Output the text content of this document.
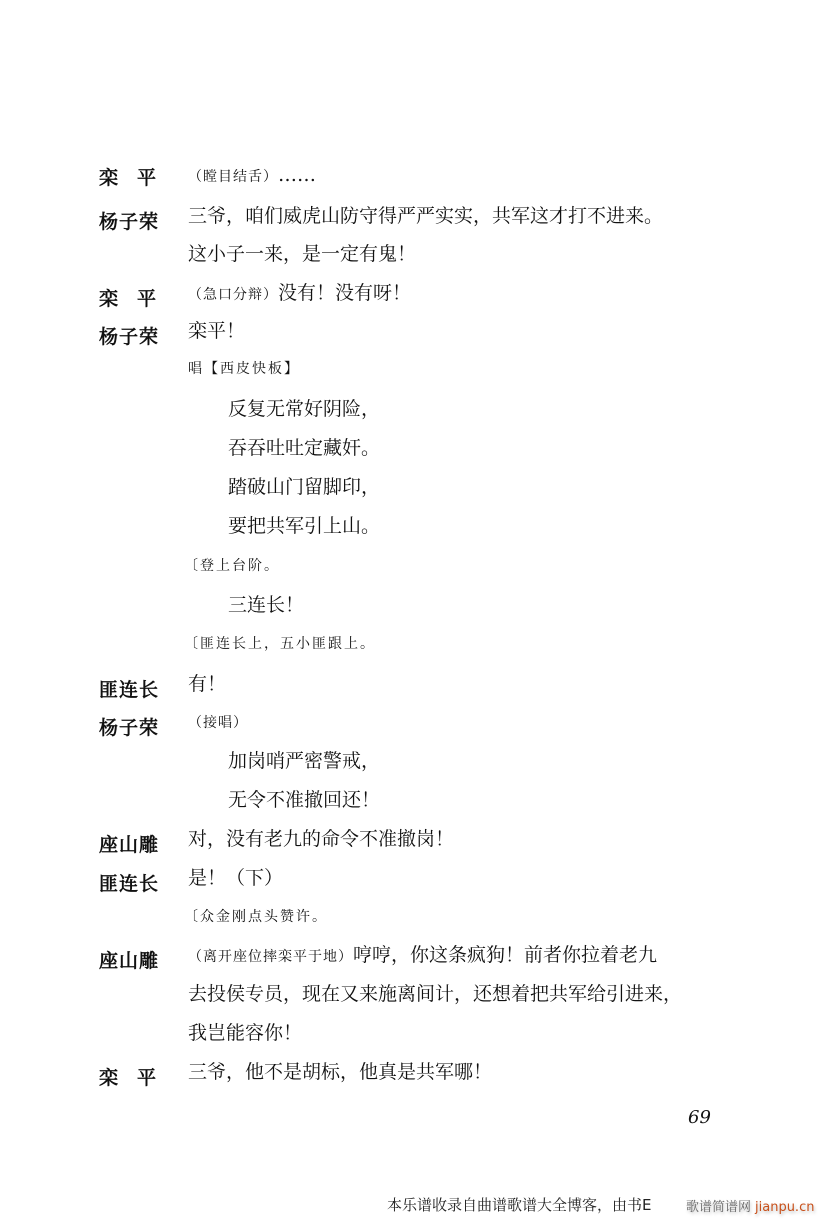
栾平 （瞠目结舌）……
杨子荣 三爷，咱们威虎山防守得严严实实，共军这才打不进来。
这小子一来，是一定有鬼！
栾平 （急口分辩）没有！没有呀！
杨子荣 栾平！
唱【西皮快板】
反复无常好阴险，
吞吞吐吐定藏奸。
踏破山门留脚印，
要把共军引上山。
〔登上台阶。
三连长！
〔匪连长上，五小匪跟上。
匪连长 有！
杨子荣 （接唱）
加岗哨严密警戒，
无令不准撤回还！
座山雕 对，没有老九的命令不准撤岗！
匪连长 是！（下）
〔众金刚点头赞许。
座山雕 （离开座位摔栾平于地）哼哼，你这条疯狗！前者你拉着老九
去投侯专员，现在又来施离间计，还想着把共军给引进来，
我岂能容你！
栾平 三爷，他不是胡标，他真是共军哪！
69
本乐谱收录自曲谱歌谱大全博客，由书E	歌谱简谱网 jianpu.cn
